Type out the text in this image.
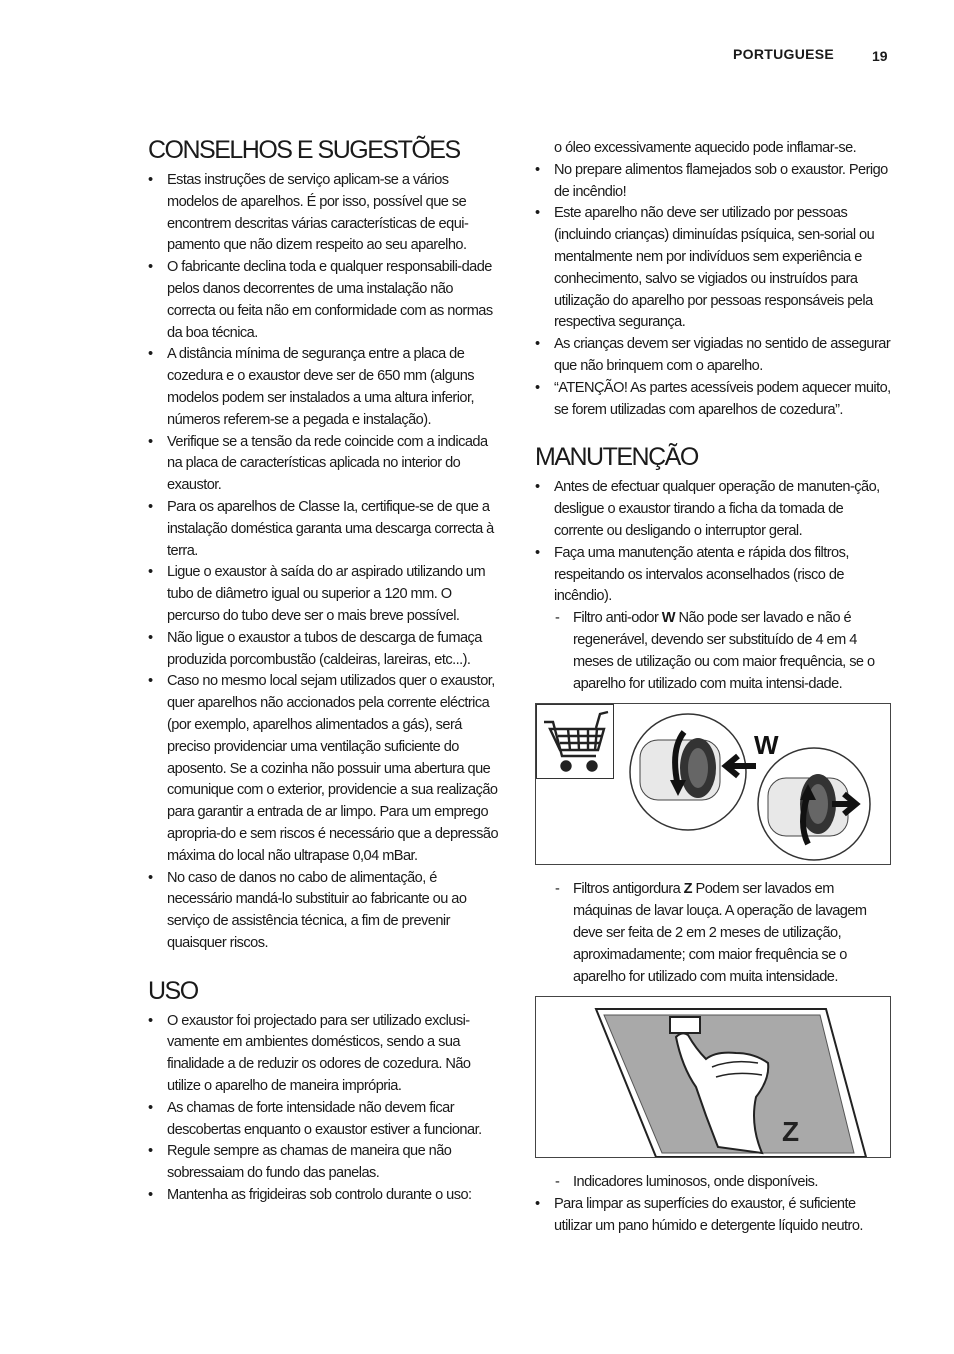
PORTUGUESE	19
CONSELHOS E SUGESTÕES
• Estas instruções de serviço aplicam-se a vários modelos de aparelhos. É por isso, possível que se encontrem descritas várias características de equi-pamento que não dizem respeito ao seu aparelho.
• O fabricante declina toda e qualquer responsabili-dade pelos danos decorrentes de uma instalação não correcta ou feita não em conformidade com as normas da boa técnica.
• A distância mínima de segurança entre a placa de cozedura e o exaustor deve ser de 650 mm (alguns modelos podem ser instalados a uma altura inferior, números referem-se a pegada e instalação).
• Verifique se a tensão da rede coincide com a indicada na placa de características aplicada no interior do exaustor.
• Para os aparelhos de Classe Ia, certifique-se de que a instalação doméstica garanta uma descarga correcta à terra.
• Ligue o exaustor à saída do ar aspirado utilizando um tubo de diâmetro igual ou superior a 120 mm. O percurso do tubo deve ser o mais breve possível.
• Não ligue o exaustor a tubos de descarga de fumaça produzida porcombustão (caldeiras, lareiras, etc...).
• Caso no mesmo local sejam utilizados quer o exaustor, quer aparelhos não accionados pela corrente eléctrica (por exemplo, aparelhos alimentados a gás), será preciso providenciar uma ventilação suficiente do aposento. Se a cozinha não possuir uma abertura que comunique com o exterior, providencie a sua realização para garantir a entrada de ar limpo. Para um emprego apropria-do e sem riscos é necessário que a depressão máxima do local não ultrapase 0,04 mBar.
• No caso de danos no cabo de alimentação, é necessário mandá-lo substituir ao fabricante ou ao serviço de assistência técnica, a fim de prevenir quaisquer riscos.
USO
• O exaustor foi projectado para ser utilizado exclusi-vamente em ambientes domésticos, sendo a sua finalidade a de reduzir os odores de cozedura. Não utilize o aparelho de maneira imprópria.
• As chamas de forte intensidade não devem ficar descobertas enquanto o exaustor estiver a funcionar.
• Regule sempre as chamas de maneira que não sobressaiam do fundo das panelas.
• Mantenha as frigideiras sob controlo durante o uso:
o óleo excessivamente aquecido pode inflamar-se.
• No prepare alimentos flamejados sob o exaustor. Perigo de incêndio!
• Este aparelho não deve ser utilizado por pessoas (incluindo crianças) diminuídas psíquica, sen-sorial ou mentalmente nem por indivíduos sem experiência e conhecimento, salvo se vigiados ou instruídos para utilização do aparelho por pessoas responsáveis pela respectiva segurança.
• As crianças devem ser vigiadas no sentido de assegurar que não brinquem com o aparelho.
• “ATENÇÃO! As partes acessíveis podem aquecer muito, se forem utilizadas com aparelhos de cozedura”.
MANUTENÇÃO
• Antes de efectuar qualquer operação de manuten-ção, desligue o exaustor tirando a ficha da tomada de corrente ou desligando o interruptor geral.
• Faça uma manutenção atenta e rápida dos filtros, respeitando os intervalos aconselhados (risco de incêndio).
- Filtro anti-odor W Não pode ser lavado e não é regenerável, devendo ser substituído de 4 em 4 meses de utilização ou com maior frequência, se o aparelho for utilizado com muita intensi-dade.
W
- Filtros antigordura Z Podem ser lavados em máquinas de lavar louça. A operação de lavagem deve ser feita de 2 em 2 meses de utilização, aproximadamente; com maior frequência se o aparelho for utilizado com muita intensidade.
Z
- Indicadores luminosos, onde disponíveis.
• Para limpar as superfícies do exaustor, é suficiente utilizar um pano húmido e detergente líquido neutro.
